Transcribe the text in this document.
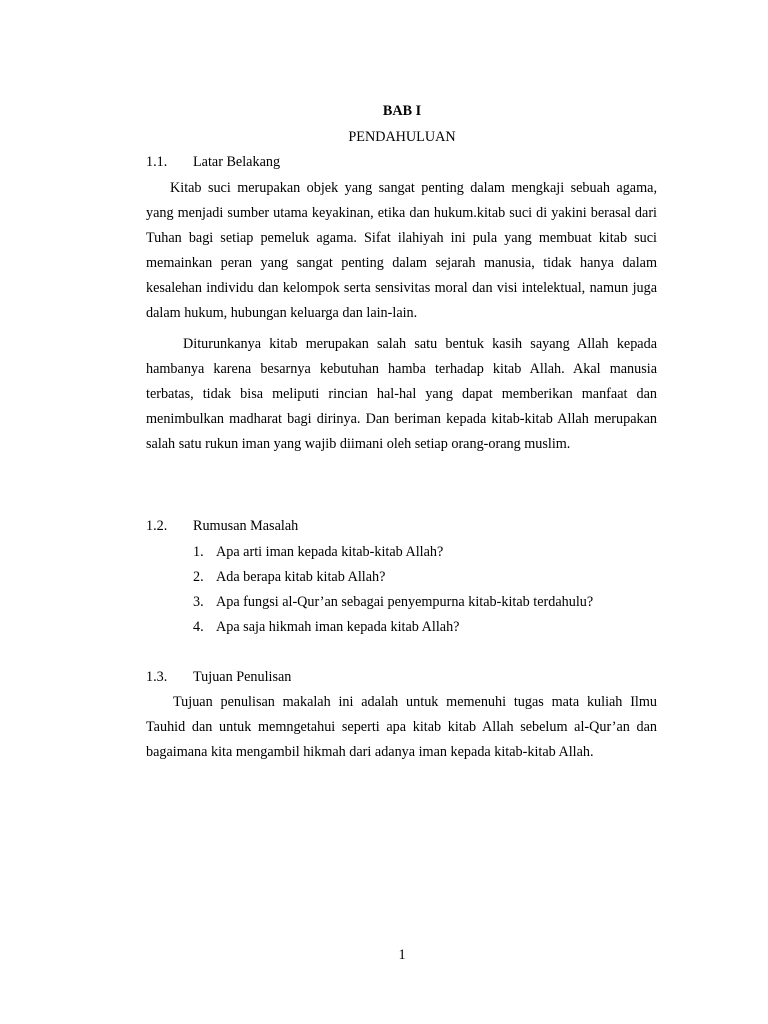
BAB I
PENDAHULUAN
1.1. Latar Belakang

Kitab suci merupakan objek yang sangat penting dalam mengkaji sebuah agama, yang menjadi sumber utama keyakinan, etika dan hukum.kitab suci di yakini berasal dari Tuhan bagi setiap pemeluk agama. Sifat ilahiyah ini pula yang membuat kitab suci memainkan peran yang sangat penting dalam sejarah manusia, tidak hanya dalam kesalehan individu dan kelompok serta sensivitas moral dan visi intelektual, namun juga dalam hukum, hubungan keluarga dan lain-lain.

Diturunkanya kitab merupakan salah satu bentuk kasih sayang Allah kepada hambanya karena besarnya kebutuhan hamba terhadap kitab Allah. Akal manusia terbatas, tidak bisa meliputi rincian hal-hal yang dapat memberikan manfaat dan menimbulkan madharat bagi dirinya. Dan beriman kepada kitab-kitab Allah merupakan salah satu rukun iman yang wajib diimani oleh setiap orang-orang muslim.

1.2. Rumusan Masalah
1. Apa arti iman kepada kitab-kitab Allah?
2. Ada berapa kitab kitab Allah?
3. Apa fungsi al-Qur’an sebagai penyempurna kitab-kitab terdahulu?
4. Apa saja hikmah iman kepada kitab Allah?
1.3. Tujuan Penulisan

Tujuan penulisan makalah ini adalah untuk memenuhi tugas mata kuliah Ilmu Tauhid dan untuk memngetahui seperti apa kitab kitab Allah sebelum al-Qur’an dan bagaimana kita mengambil hikmah dari adanya iman kepada kitab-kitab Allah.

1
